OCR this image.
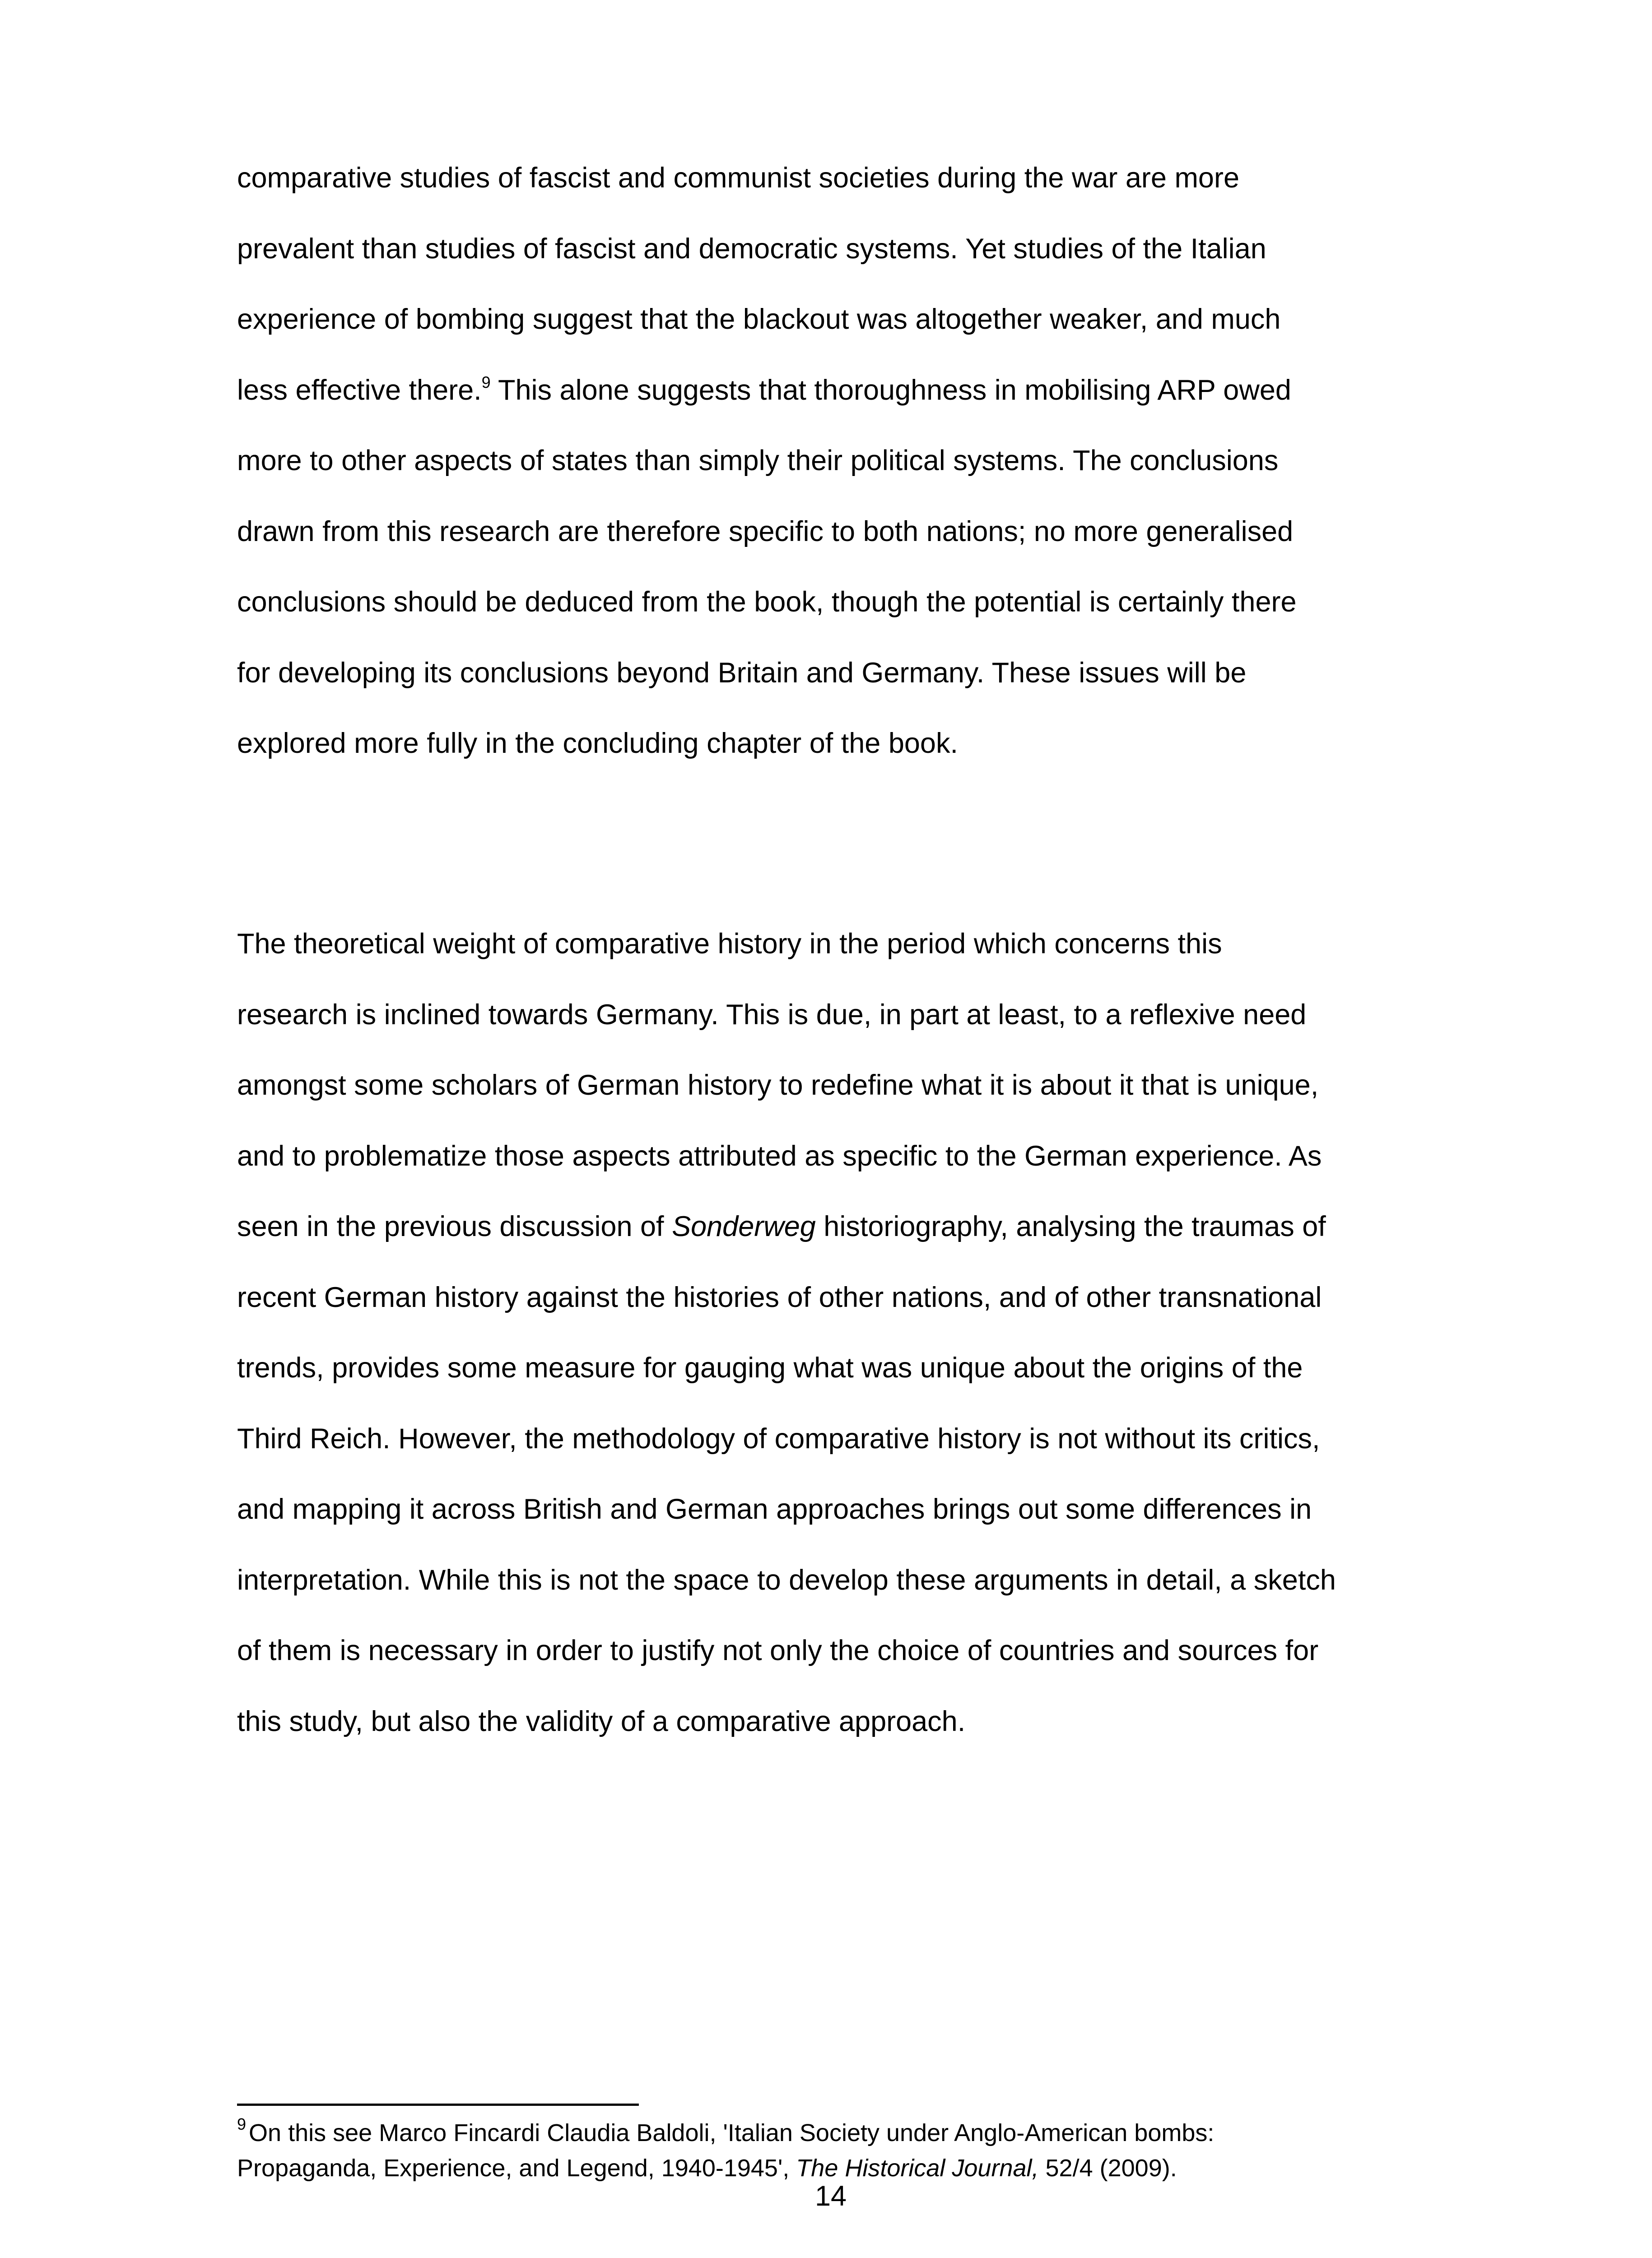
comparative studies of fascist and communist societies during the war are more
prevalent than studies of fascist and democratic systems. Yet studies of the Italian
experience of bombing suggest that the blackout was altogether weaker, and much
less effective there.$^9$ This alone suggests that thoroughness in mobilising ARP owed
more to other aspects of states than simply their political systems. The conclusions
drawn from this research are therefore specific to both nations; no more generalised
conclusions should be deduced from the book, though the potential is certainly there
for developing its conclusions beyond Britain and Germany. These issues will be
explored more fully in the concluding chapter of the book.

The theoretical weight of comparative history in the period which concerns this
research is inclined towards Germany. This is due, in part at least, to a reflexive need
amongst some scholars of German history to redefine what it is about it that is unique,
and to problematize those aspects attributed as specific to the German experience. As
seen in the previous discussion of Sonderweg historiography, analysing the traumas of
recent German history against the histories of other nations, and of other transnational
trends, provides some measure for gauging what was unique about the origins of the
Third Reich. However, the methodology of comparative history is not without its critics,
and mapping it across British and German approaches brings out some differences in
interpretation. While this is not the space to develop these arguments in detail, a sketch
of them is necessary in order to justify not only the choice of countries and sources for
this study, but also the validity of a comparative approach.

$^9$ On this see Marco Fincardi Claudia Baldoli, 'Italian Society under Anglo-American bombs:
Propaganda, Experience, and Legend, 1940-1945', The Historical Journal, 52/4 (2009).

14
